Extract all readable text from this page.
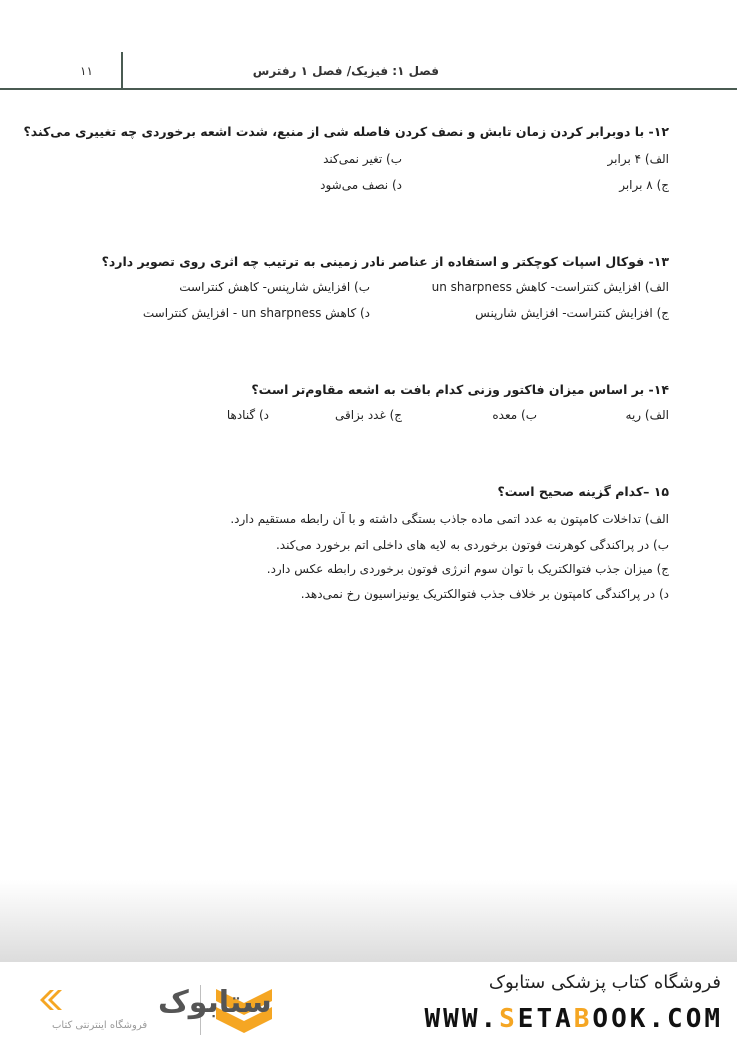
۱۱	فصل ۱: فیزیک/ فصل ۱ رفترس
۱۲- با دوبرابر کردن زمان تابش و نصف کردن فاصله شی از منبع، شدت اشعه برخوردی چه تغییری می‌کند؟
الف) ۴ برابر
ب) تغیر نمی‌کند
ج) ۸ برابر
د) نصف می‌شود
۱۳- فوکال اسپات کوچکتر و استفاده از عناصر نادر زمینی به ترتیب چه اثری روی تصویر دارد؟
الف) افزایش کنتراست- کاهش un sharpness
ب) افزایش شارپنس- کاهش کنتراست
ج) افزایش کنتراست- افزایش شارپنس
د) کاهش un sharpness - افزایش کنتراست
۱۴- بر اساس میزان فاکتور وزنی کدام بافت به اشعه مقاوم‌تر است؟
الف) ریه
ب) معده
ج) غدد بزاقی
د) گنادها
۱۵ –کدام گزینه صحیح است؟
الف) تداخلات کامپتون به عدد اتمی ماده جاذب بستگی داشته و با آن رابطه مستقیم دارد.
ب) در پراکندگی کوهرنت فوتون برخوردی به لایه های داخلی اتم برخورد می‌کند.
ج) میزان جذب فتوالکتریک با توان سوم انرژی فوتون برخوردی رابطه عکس دارد.
د) در پراکندگی کامپتون بر خلاف جذب فتوالکتریک یونیزاسیون رخ نمی‌دهد.
فروشگاه کتاب پزشکی ستابوک
WWW.SETABOOK.COM
ستابوک
فروشگاه اینترنتی کتاب
